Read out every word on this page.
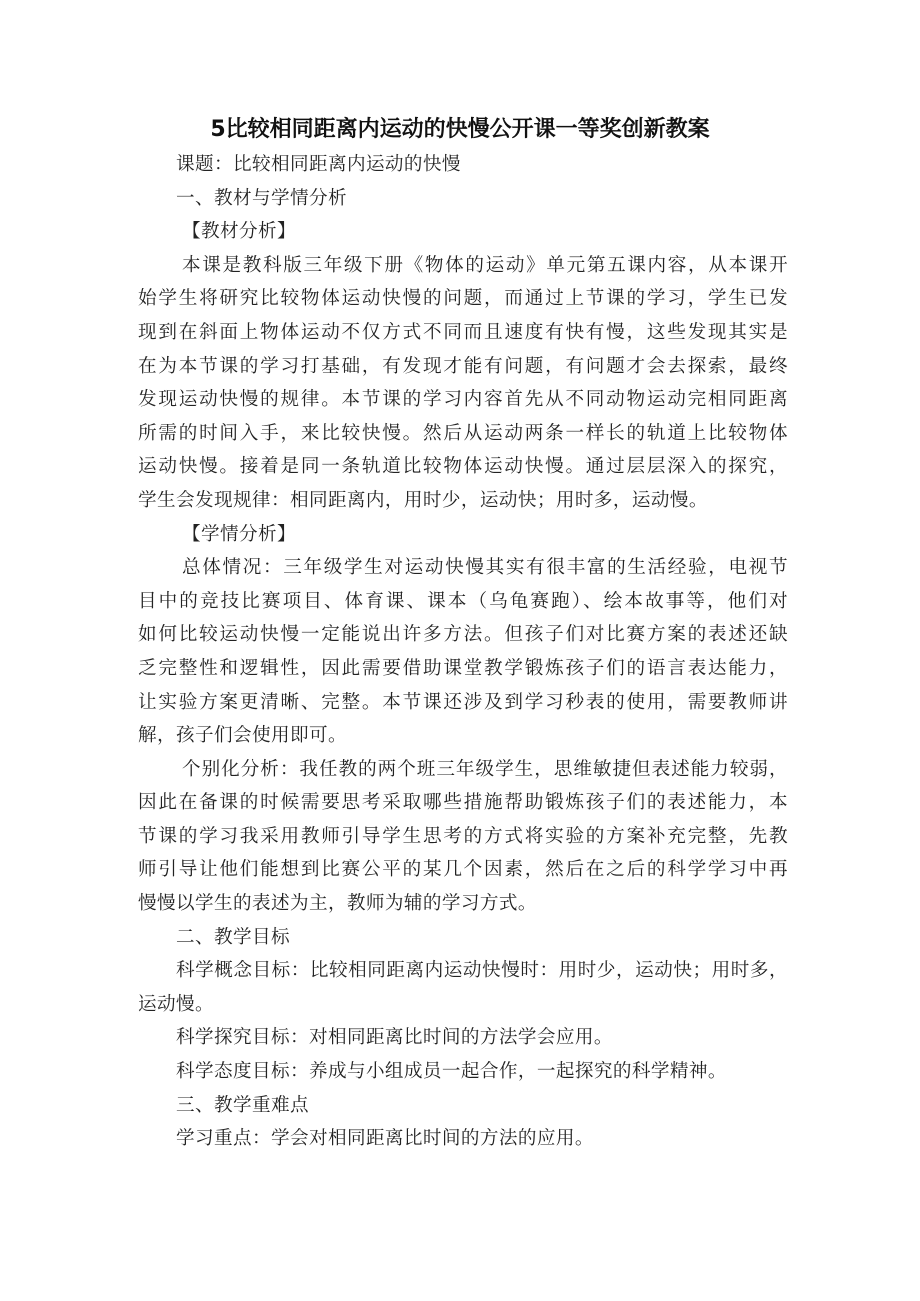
5比较相同距离内运动的快慢公开课一等奖创新教案
课题：比较相同距离内运动的快慢
一、教材与学情分析
【教材分析】
本课是教科版三年级下册《物体的运动》单元第五课内容，从本课开
始学生将研究比较物体运动快慢的问题，而通过上节课的学习，学生已发
现到在斜面上物体运动不仅方式不同而且速度有快有慢，这些发现其实是
在为本节课的学习打基础，有发现才能有问题，有问题才会去探索，最终
发现运动快慢的规律。本节课的学习内容首先从不同动物运动完相同距离
所需的时间入手，来比较快慢。然后从运动两条一样长的轨道上比较物体
运动快慢。接着是同一条轨道比较物体运动快慢。通过层层深入的探究，
学生会发现规律：相同距离内，用时少，运动快；用时多，运动慢。
【学情分析】
总体情况：三年级学生对运动快慢其实有很丰富的生活经验，电视节
目中的竞技比赛项目、体育课、课本（乌龟赛跑）、绘本故事等，他们对
如何比较运动快慢一定能说出许多方法。但孩子们对比赛方案的表述还缺
乏完整性和逻辑性，因此需要借助课堂教学锻炼孩子们的语言表达能力，
让实验方案更清晰、完整。本节课还涉及到学习秒表的使用，需要教师讲
解，孩子们会使用即可。
个别化分析：我任教的两个班三年级学生，思维敏捷但表述能力较弱，
因此在备课的时候需要思考采取哪些措施帮助锻炼孩子们的表述能力，本
节课的学习我采用教师引导学生思考的方式将实验的方案补充完整，先教
师引导让他们能想到比赛公平的某几个因素，然后在之后的科学学习中再
慢慢以学生的表述为主，教师为辅的学习方式。
二、教学目标
科学概念目标：比较相同距离内运动快慢时：用时少，运动快；用时多，
运动慢。
科学探究目标：对相同距离比时间的方法学会应用。
科学态度目标：养成与小组成员一起合作，一起探究的科学精神。
三、教学重难点
学习重点：学会对相同距离比时间的方法的应用。
